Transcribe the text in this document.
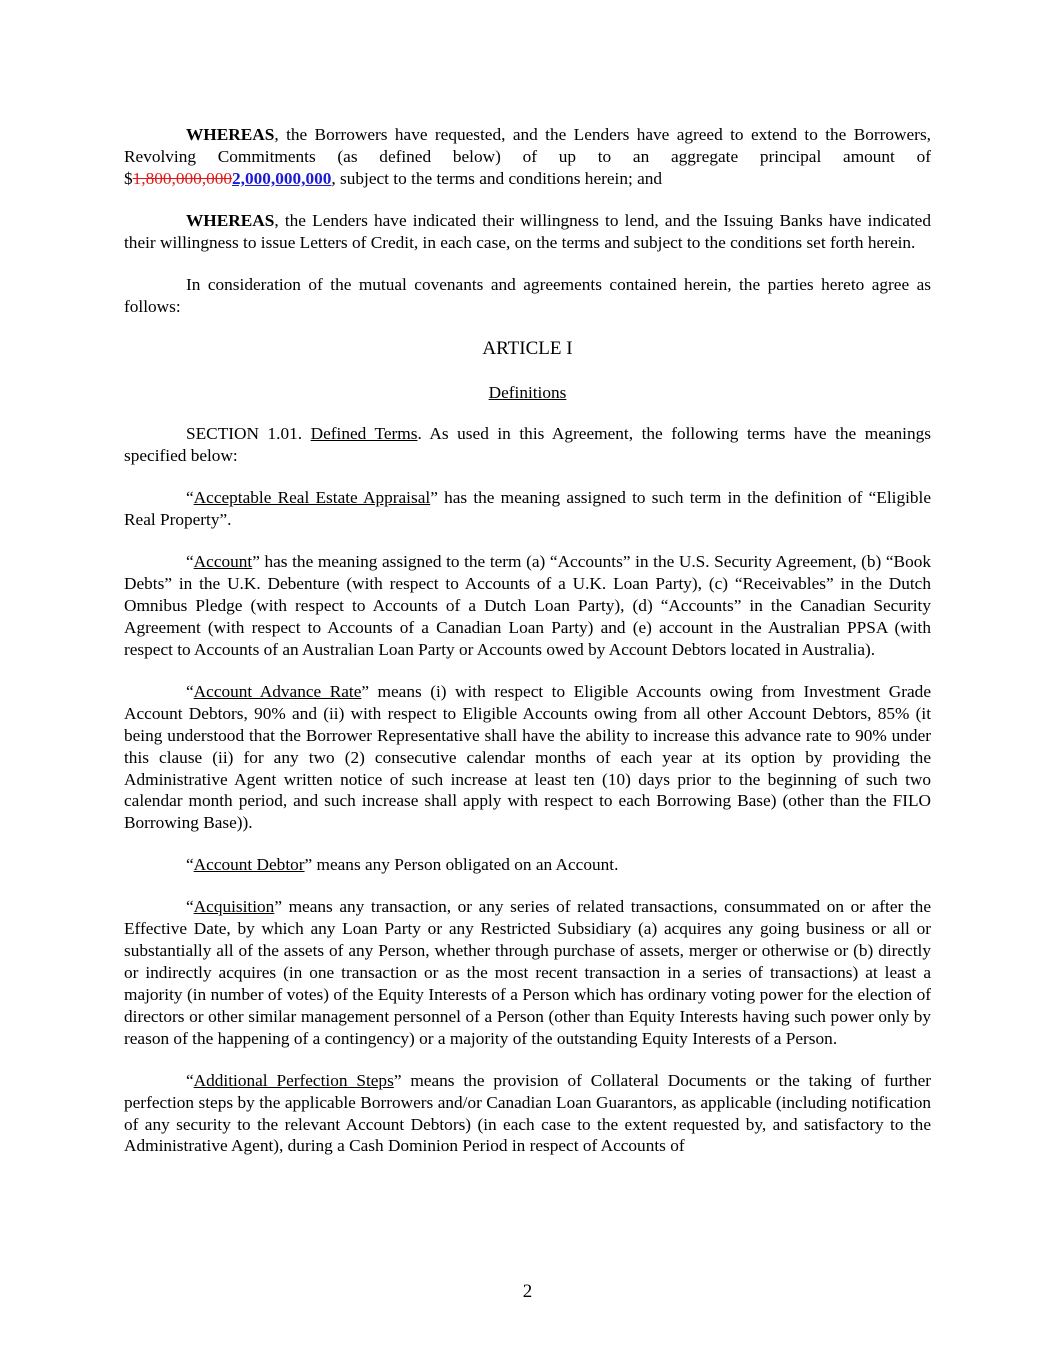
WHEREAS, the Borrowers have requested, and the Lenders have agreed to extend to the Borrowers, Revolving Commitments (as defined below) of up to an aggregate principal amount of $1,800,000,0002,000,000,000, subject to the terms and conditions herein; and

WHEREAS, the Lenders have indicated their willingness to lend, and the Issuing Banks have indicated their willingness to issue Letters of Credit, in each case, on the terms and subject to the conditions set forth herein.

In consideration of the mutual covenants and agreements contained herein, the parties hereto agree as follows:

ARTICLE I

Definitions

SECTION 1.01. Defined Terms. As used in this Agreement, the following terms have the meanings specified below:

“Acceptable Real Estate Appraisal” has the meaning assigned to such term in the definition of “Eligible Real Property”.

“Account” has the meaning assigned to the term (a) “Accounts” in the U.S. Security Agreement, (b) “Book Debts” in the U.K. Debenture (with respect to Accounts of a U.K. Loan Party), (c) “Receivables” in the Dutch Omnibus Pledge (with respect to Accounts of a Dutch Loan Party), (d) “Accounts” in the Canadian Security Agreement (with respect to Accounts of a Canadian Loan Party) and (e) account in the Australian PPSA (with respect to Accounts of an Australian Loan Party or Accounts owed by Account Debtors located in Australia).

“Account Advance Rate” means (i) with respect to Eligible Accounts owing from Investment Grade Account Debtors, 90% and (ii) with respect to Eligible Accounts owing from all other Account Debtors, 85% (it being understood that the Borrower Representative shall have the ability to increase this advance rate to 90% under this clause (ii) for any two (2) consecutive calendar months of each year at its option by providing the Administrative Agent written notice of such increase at least ten (10) days prior to the beginning of such two calendar month period, and such increase shall apply with respect to each Borrowing Base) (other than the FILO Borrowing Base)).

“Account Debtor” means any Person obligated on an Account.

“Acquisition” means any transaction, or any series of related transactions, consummated on or after the Effective Date, by which any Loan Party or any Restricted Subsidiary (a) acquires any going business or all or substantially all of the assets of any Person, whether through purchase of assets, merger or otherwise or (b) directly or indirectly acquires (in one transaction or as the most recent transaction in a series of transactions) at least a majority (in number of votes) of the Equity Interests of a Person which has ordinary voting power for the election of directors or other similar management personnel of a Person (other than Equity Interests having such power only by reason of the happening of a contingency) or a majority of the outstanding Equity Interests of a Person.

“Additional Perfection Steps” means the provision of Collateral Documents or the taking of further perfection steps by the applicable Borrowers and/or Canadian Loan Guarantors, as applicable (including notification of any security to the relevant Account Debtors) (in each case to the extent requested by, and satisfactory to the Administrative Agent), during a Cash Dominion Period in respect of Accounts of

2
